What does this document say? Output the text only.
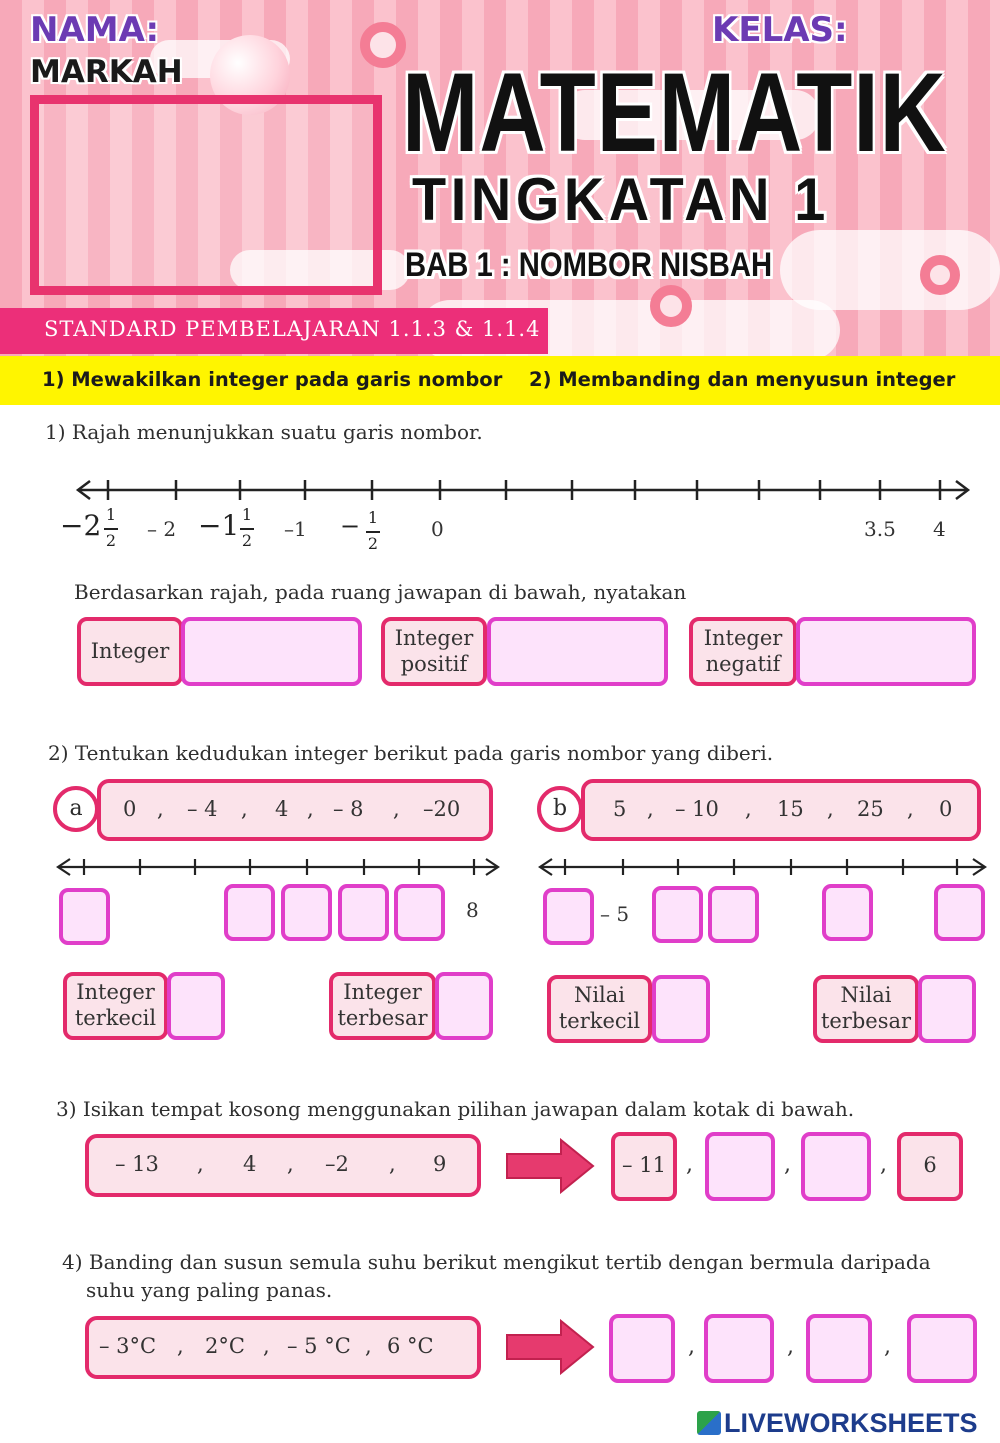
NAMA:	KELAS:
MARKAH MATEMATIK
TINGKATAN 1
BAB 1 : NOMBOR NISBAH
STANDARD PEMBELAJARAN 1.1.3 & 1.1.4
1) Mewakilkan integer pada garis nombor 2) Membanding dan menyusun integer
1) Rajah menunjukkan suatu garis nombor.
−2 1
2 – 2 −1 1
2 –1 − 1
2
0	3.5 4
Berdasarkan rajah, pada ruang jawapan di bawah, nyatakan
Integer
Integer
positif
Integer
negatif
2) Tentukan kedudukan integer berikut pada garis nombor yang diberi.
a	0 , – 4 , 4 , – 8 , –20
8
Integer
terkecil
Integer
terbesar
b	5 , – 10 , 15 , 25 , 0
– 5
Nilai
terkecil
Nilai
terbesar
3) Isikan tempat kosong menggunakan pilihan jawapan dalam kotak di bawah.
– 13 , 4 , –2 , 9	– 11 ,	,	,	6
4) Banding dan susun semula suhu berikut mengikut tertib dengan bermula daripada
suhu yang paling panas.
– 3°C , 2°C , – 5 °C , 6 °C	,	,	,
LIVEWORKSHEETS
